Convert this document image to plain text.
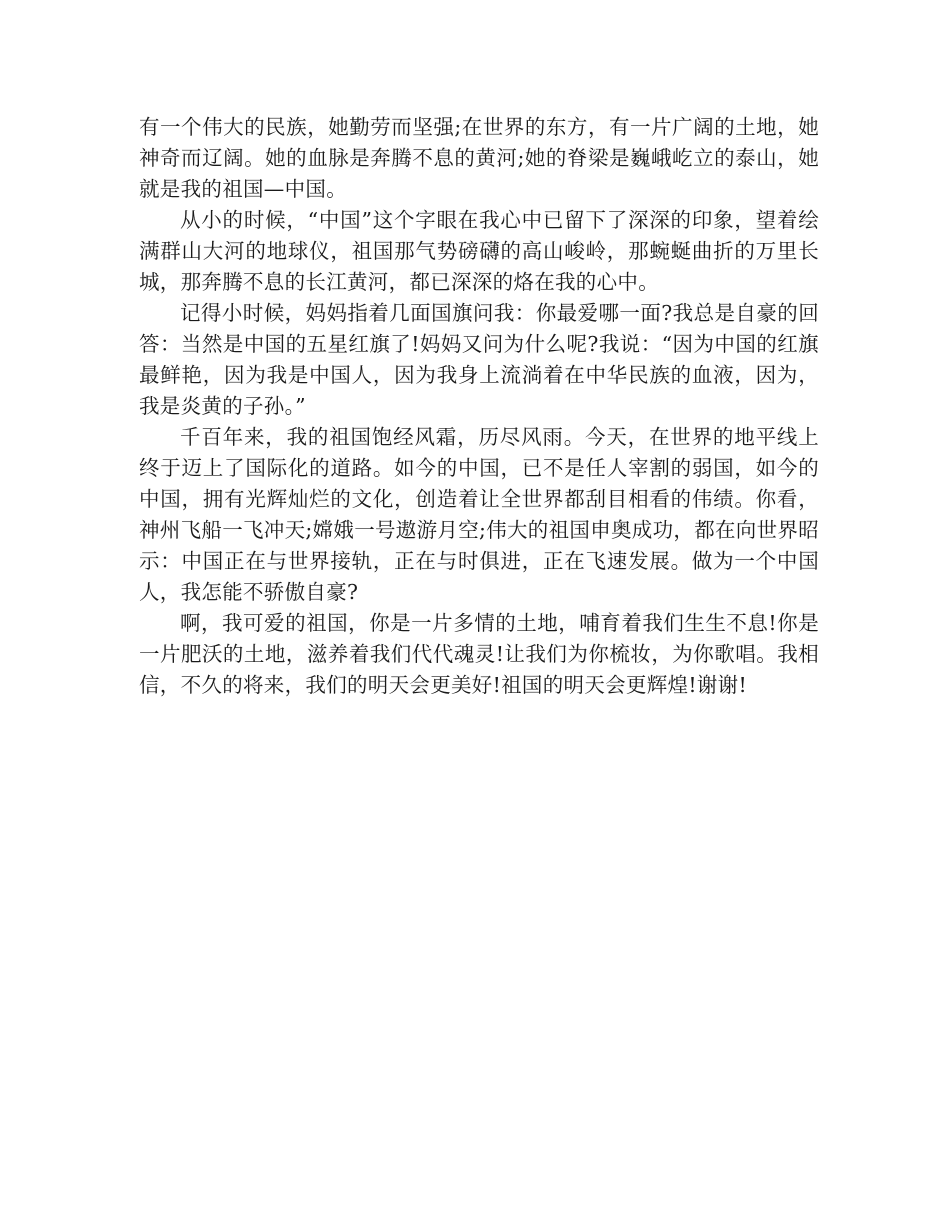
有一个伟大的民族，她勤劳而坚强;在世界的东方，有一片广阔的土地，她神奇而辽阔。她的血脉是奔腾不息的黄河;她的脊梁是巍峨屹立的泰山，她就是我的祖国—中国。

从小的时候，“中国”这个字眼在我心中已留下了深深的印象，望着绘满群山大河的地球仪，祖国那气势磅礴的高山峻岭，那蜿蜒曲折的万里长城，那奔腾不息的长江黄河，都已深深的烙在我的心中。

记得小时候，妈妈指着几面国旗问我：你最爱哪一面?我总是自豪的回答：当然是中国的五星红旗了!妈妈又问为什么呢?我说：“因为中国的红旗最鲜艳，因为我是中国人，因为我身上流淌着在中华民族的血液，因为，我是炎黄的子孙。”

千百年来，我的祖国饱经风霜，历尽风雨。今天，在世界的地平线上终于迈上了国际化的道路。如今的中国，已不是任人宰割的弱国，如今的中国，拥有光辉灿烂的文化，创造着让全世界都刮目相看的伟绩。你看，神州飞船一飞冲天;嫦娥一号遨游月空;伟大的祖国申奥成功，都在向世界昭示：中国正在与世界接轨，正在与时俱进，正在飞速发展。做为一个中国人，我怎能不骄傲自豪?

啊，我可爱的祖国，你是一片多情的土地，哺育着我们生生不息!你是一片肥沃的土地，滋养着我们代代魂灵!让我们为你梳妆，为你歌唱。我相信，不久的将来，我们的明天会更美好!祖国的明天会更辉煌!谢谢!
